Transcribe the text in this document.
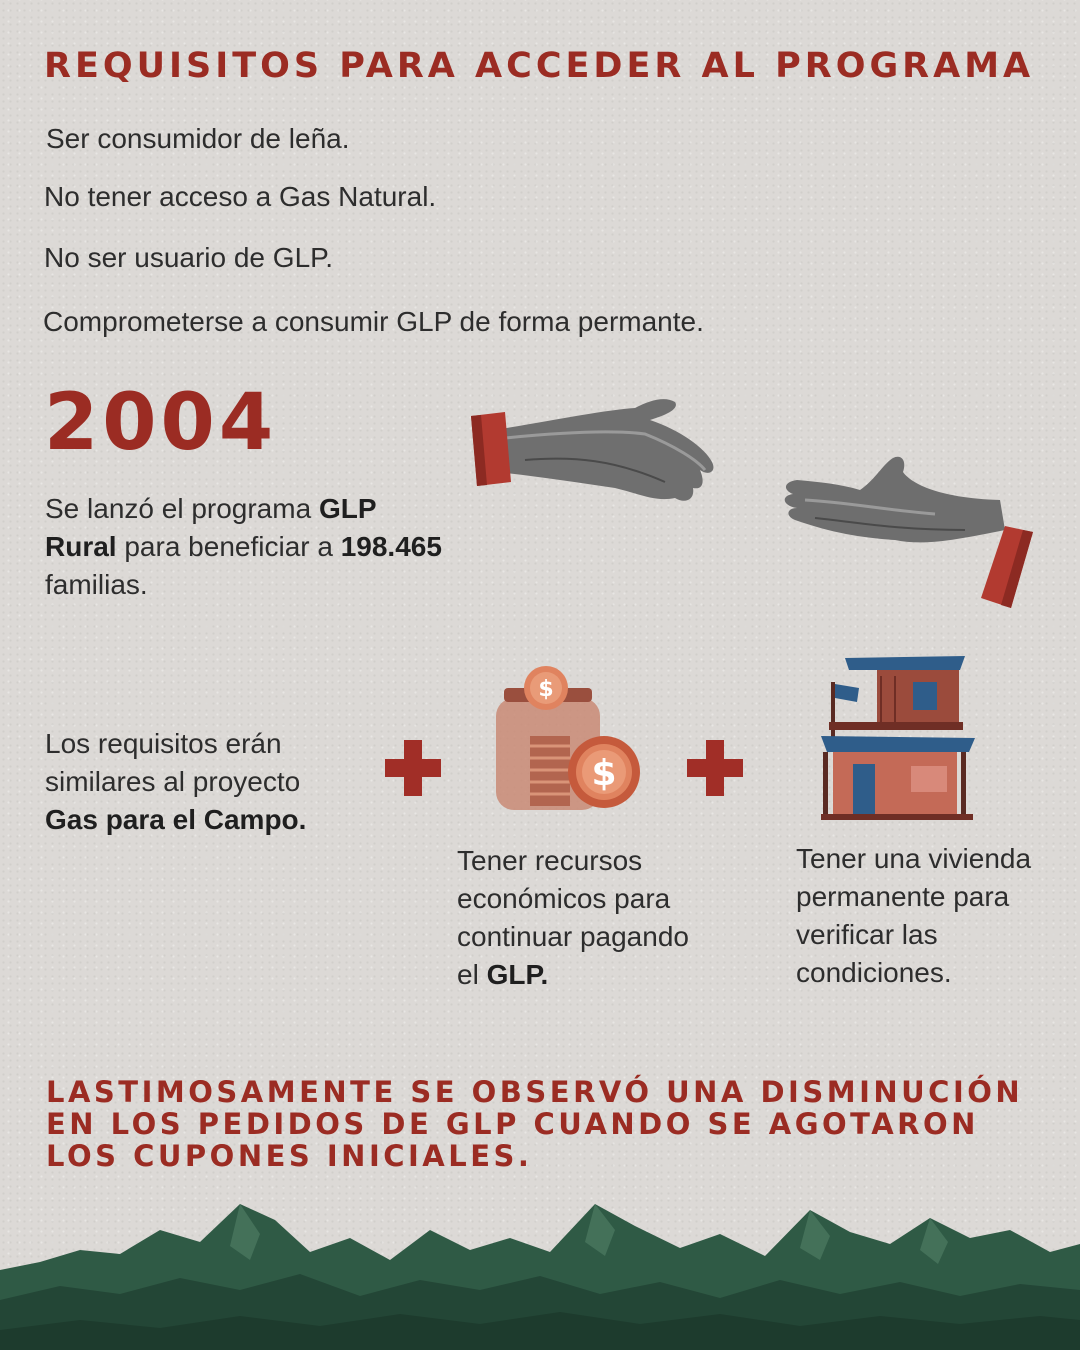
REQUISITOS PARA ACCEDER AL PROGRAMA

Ser consumidor de leña.

No tener acceso a Gas Natural.

No ser usuario de GLP.

Comprometerse a consumir GLP de forma permante.

2004

Se lanzó el programa GLP Rural para beneficiar a 198.465 familias.

Los requisitos erán similares al proyecto Gas para el Campo.

$
$

Tener recursos económicos para continuar pagando el GLP.

Tener una vivienda permanente para verificar las condiciones.

LASTIMOSAMENTE SE OBSERVÓ UNA DISMINUCIÓN EN LOS PEDIDOS DE GLP CUANDO SE AGOTARON LOS CUPONES INICIALES.
